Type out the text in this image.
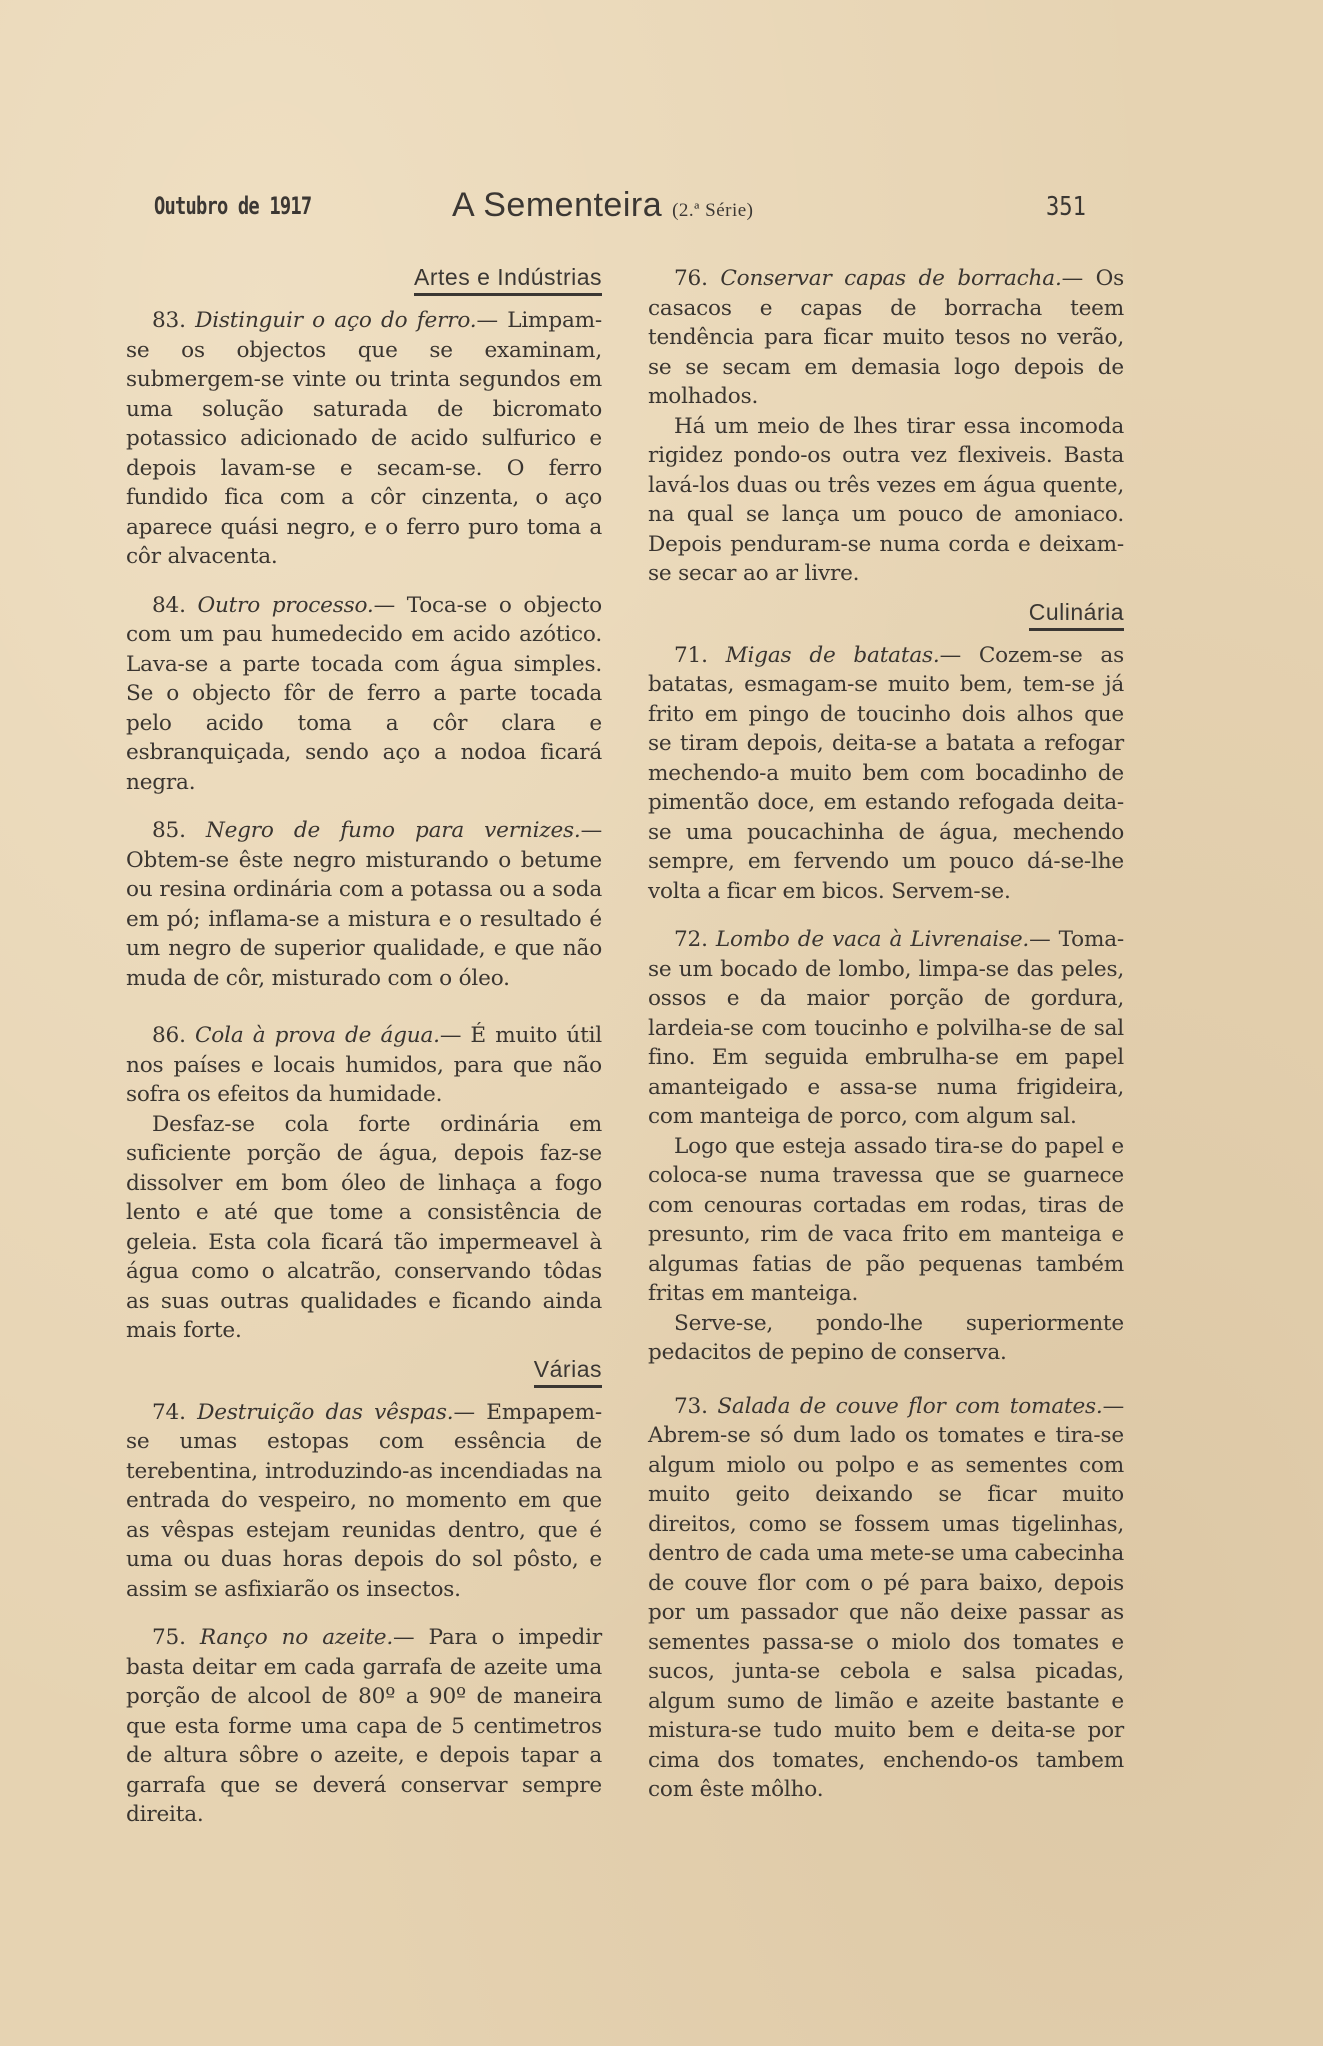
Outubro de 1917	A Sementeira (2.ª Série)	351
Artes e Indústrias

83. Distinguir o aço do ferro.— Limpam-se os objectos que se examinam, submergem-se vinte ou trinta segundos em uma solução saturada de bicromato potassico adicionado de acido sulfurico e depois lavam-se e secam-se. O ferro fundido fica com a côr cinzenta, o aço aparece quási negro, e o ferro puro toma a côr alvacenta.

84. Outro processo.— Toca-se o objecto com um pau humedecido em acido azótico. Lava-se a parte tocada com água simples. Se o objecto fôr de ferro a parte tocada pelo acido toma a côr clara e esbranquiçada, sendo aço a nodoa ficará negra.

85. Negro de fumo para vernizes.— Obtem-se êste negro misturando o betume ou resina ordinária com a potassa ou a soda em pó; inflama-se a mistura e o resultado é um negro de superior qualidade, e que não muda de côr, misturado com o óleo.

86. Cola à prova de água.— É muito útil nos países e locais humidos, para que não sofra os efeitos da humidade.

Desfaz-se cola forte ordinária em suficiente porção de água, depois faz-se dissolver em bom óleo de linhaça a fogo lento e até que tome a consistência de geleia. Esta cola ficará tão impermeavel à água como o alcatrão, conservando tôdas as suas outras qualidades e ficando ainda mais forte.

Várias

74. Destruição das vêspas.— Empapem-se umas estopas com essência de terebentina, introduzindo-as incendiadas na entrada do vespeiro, no momento em que as vêspas estejam reunidas dentro, que é uma ou duas horas depois do sol pôsto, e assim se asfixiarão os insectos.

75. Ranço no azeite.— Para o impedir basta deitar em cada garrafa de azeite uma porção de alcool de 80º a 90º de maneira que esta forme uma capa de 5 centimetros de altura sôbre o azeite, e depois tapar a garrafa que se deverá conservar sempre direita.

76. Conservar capas de borracha.— Os casacos e capas de borracha teem tendência para ficar muito tesos no verão, se se secam em demasia logo depois de molhados.

Há um meio de lhes tirar essa incomoda rigidez pondo-os outra vez flexiveis. Basta lavá-los duas ou três vezes em água quente, na qual se lança um pouco de amoniaco. Depois penduram-se numa corda e deixam-se secar ao ar livre.

Culinária

71. Migas de batatas.— Cozem-se as batatas, esmagam-se muito bem, tem-se já frito em pingo de toucinho dois alhos que se tiram depois, deita-se a batata a refogar mechendo-a muito bem com bocadinho de pimentão doce, em estando refogada deita-se uma poucachinha de água, mechendo sempre, em fervendo um pouco dá-se-lhe volta a ficar em bicos. Servem-se.

72. Lombo de vaca à Livrenaise.— Toma-se um bocado de lombo, limpa-se das peles, ossos e da maior porção de gordura, lardeia-se com toucinho e polvilha-se de sal fino. Em seguida embrulha-se em papel amanteigado e assa-se numa frigideira, com manteiga de porco, com algum sal.

Logo que esteja assado tira-se do papel e coloca-se numa travessa que se guarnece com cenouras cortadas em rodas, tiras de presunto, rim de vaca frito em manteiga e algumas fatias de pão pequenas também fritas em manteiga.

Serve-se, pondo-lhe superiormente pedacitos de pepino de conserva.

73. Salada de couve flor com tomates.— Abrem-se só dum lado os tomates e tira-se algum miolo ou polpo e as sementes com muito geito deixando se ficar muito direitos, como se fossem umas tigelinhas, dentro de cada uma mete-se uma cabecinha de couve flor com o pé para baixo, depois por um passador que não deixe passar as sementes passa-se o miolo dos tomates e sucos, junta-se cebola e salsa picadas, algum sumo de limão e azeite bastante e mistura-se tudo muito bem e deita-se por cima dos tomates, enchendo-os tambem com êste môlho.
